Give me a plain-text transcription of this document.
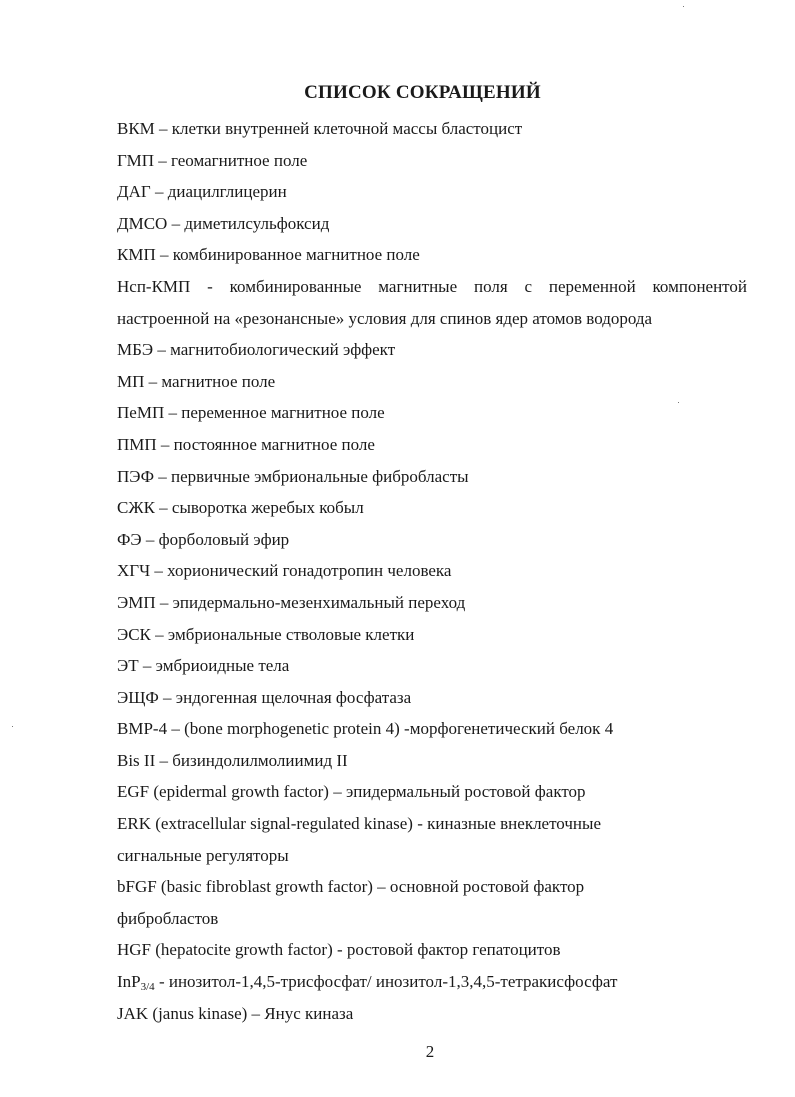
СПИСОК СОКРАЩЕНИЙ
ВКМ – клетки внутренней клеточной массы бластоцист
ГМП – геомагнитное поле
ДАГ – диацилглицерин
ДМСО – диметилсульфоксид
КМП – комбинированное магнитное поле
Нсп-КМП - комбинированные магнитные поля с переменной компонентой
настроенной на «резонансные» условия для спинов ядер атомов водорода
МБЭ – магнитобиологический эффект
МП – магнитное поле
ПеМП – переменное магнитное поле
ПМП – постоянное магнитное поле
ПЭФ – первичные эмбриональные фибробласты
СЖК – сыворотка жеребых кобыл
ФЭ – форболовый эфир
ХГЧ – хорионический гонадотропин человека
ЭМП – эпидермально-мезенхимальный переход
ЭСК – эмбриональные стволовые клетки
ЭТ – эмбриоидные тела
ЭЩФ – эндогенная щелочная фосфатаза
ВМР-4 – (bone morphogenetic protein 4) -морфогенетический белок 4
Bis II – бизиндолилмолиимид II
EGF (epidermal growth factor) – эпидермальный ростовой фактор
ERK (extracellular signal-regulated kinase) - киназные внеклеточные
сигнальные регуляторы
bFGF (basic fibroblast growth factor) – основной ростовой фактор
фибробластов
HGF (hepatocite growth factor) - ростовой фактор гепатоцитов
InP$_{3/4}$ - инозитол-1,4,5-трисфосфат/ инозитол-1,3,4,5-тетракисфосфат
JAK (janus kinase) – Янус киназа
2
